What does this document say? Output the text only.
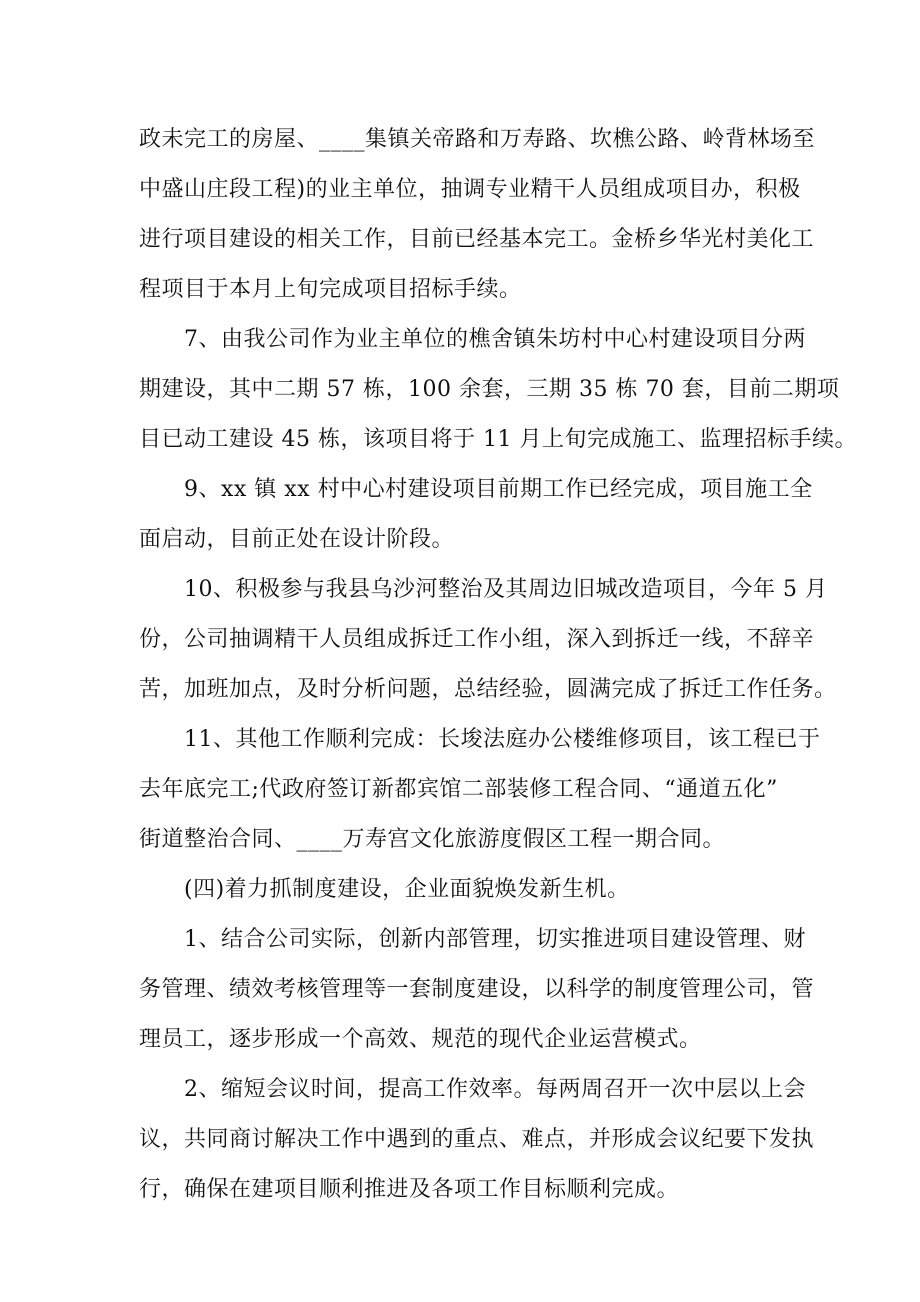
政未完工的房屋、____集镇关帝路和万寿路、坎樵公路、岭背林场至
中盛山庄段工程)的业主单位，抽调专业精干人员组成项目办，积极
进行项目建设的相关工作，目前已经基本完工。金桥乡华光村美化工
程项目于本月上旬完成项目招标手续。
7、由我公司作为业主单位的樵舍镇朱坊村中心村建设项目分两
期建设，其中二期 57 栋，100 余套，三期 35 栋 70 套，目前二期项
目已动工建设 45 栋，该项目将于 11 月上旬完成施工、监理招标手续。
9、xx 镇 xx 村中心村建设项目前期工作已经完成，项目施工全
面启动，目前正处在设计阶段。
10、积极参与我县乌沙河整治及其周边旧城改造项目，今年 5 月
份，公司抽调精干人员组成拆迁工作小组，深入到拆迁一线，不辞辛
苦，加班加点，及时分析问题，总结经验，圆满完成了拆迁工作任务。
11、其他工作顺利完成：长埈法庭办公楼维修项目，该工程已于
去年底完工;代政府签订新都宾馆二部装修工程合同、“通道五化”
街道整治合同、____万寿宫文化旅游度假区工程一期合同。
(四)着力抓制度建设，企业面貌焕发新生机。
1、结合公司实际，创新内部管理，切实推进项目建设管理、财
务管理、绩效考核管理等一套制度建设，以科学的制度管理公司，管
理员工，逐步形成一个高效、规范的现代企业运营模式。
2、缩短会议时间，提高工作效率。每两周召开一次中层以上会
议，共同商讨解决工作中遇到的重点、难点，并形成会议纪要下发执
行，确保在建项目顺利推进及各项工作目标顺利完成。
